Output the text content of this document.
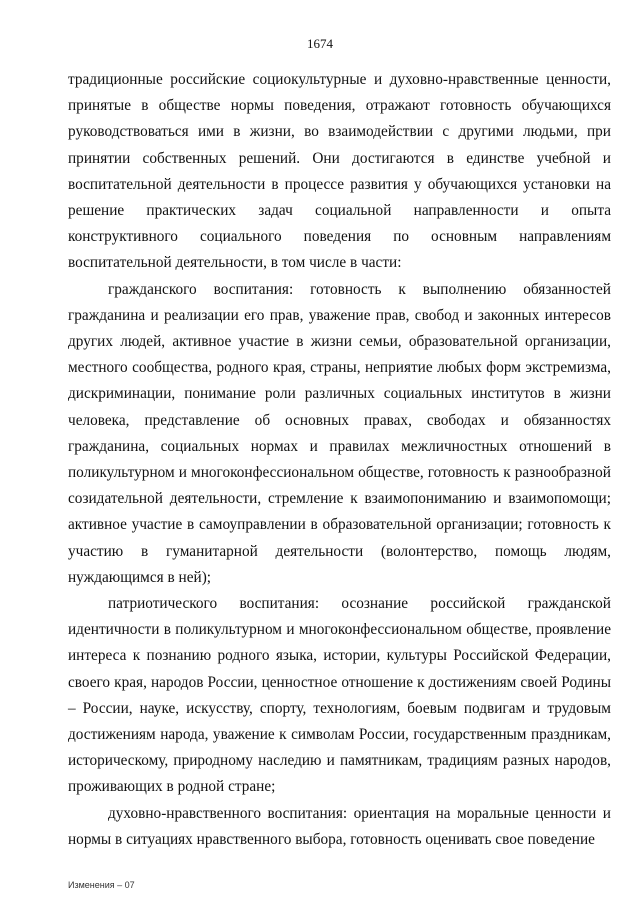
1674

традиционные российские социокультурные и духовно-нравственные ценности, принятые в обществе нормы поведения, отражают готовность обучающихся руководствоваться ими в жизни, во взаимодействии с другими людьми, при принятии собственных решений. Они достигаются в единстве учебной и воспитательной деятельности в процессе развития у обучающихся установки на решение практических задач социальной направленности и опыта конструктивного социального поведения по основным направлениям воспитательной деятельности, в том числе в части:

гражданского воспитания: готовность к выполнению обязанностей гражданина и реализации его прав, уважение прав, свобод и законных интересов других людей, активное участие в жизни семьи, образовательной организации, местного сообщества, родного края, страны, неприятие любых форм экстремизма, дискриминации, понимание роли различных социальных институтов в жизни человека, представление об основных правах, свободах и обязанностях гражданина, социальных нормах и правилах межличностных отношений в поликультурном и многоконфессиональном обществе, готовность к разнообразной созидательной деятельности, стремление к взаимопониманию и взаимопомощи; активное участие в самоуправлении в образовательной организации; готовность к участию в гуманитарной деятельности (волонтерство, помощь людям, нуждающимся в ней);

патриотического воспитания: осознание российской гражданской идентичности в поликультурном и многоконфессиональном обществе, проявление интереса к познанию родного языка, истории, культуры Российской Федерации, своего края, народов России, ценностное отношение к достижениям своей Родины – России, науке, искусству, спорту, технологиям, боевым подвигам и трудовым достижениям народа, уважение к символам России, государственным праздникам, историческому, природному наследию и памятникам, традициям разных народов, проживающих в родной стране;

духовно-нравственного воспитания: ориентация на моральные ценности и нормы в ситуациях нравственного выбора, готовность оценивать свое поведение

Изменения – 07
